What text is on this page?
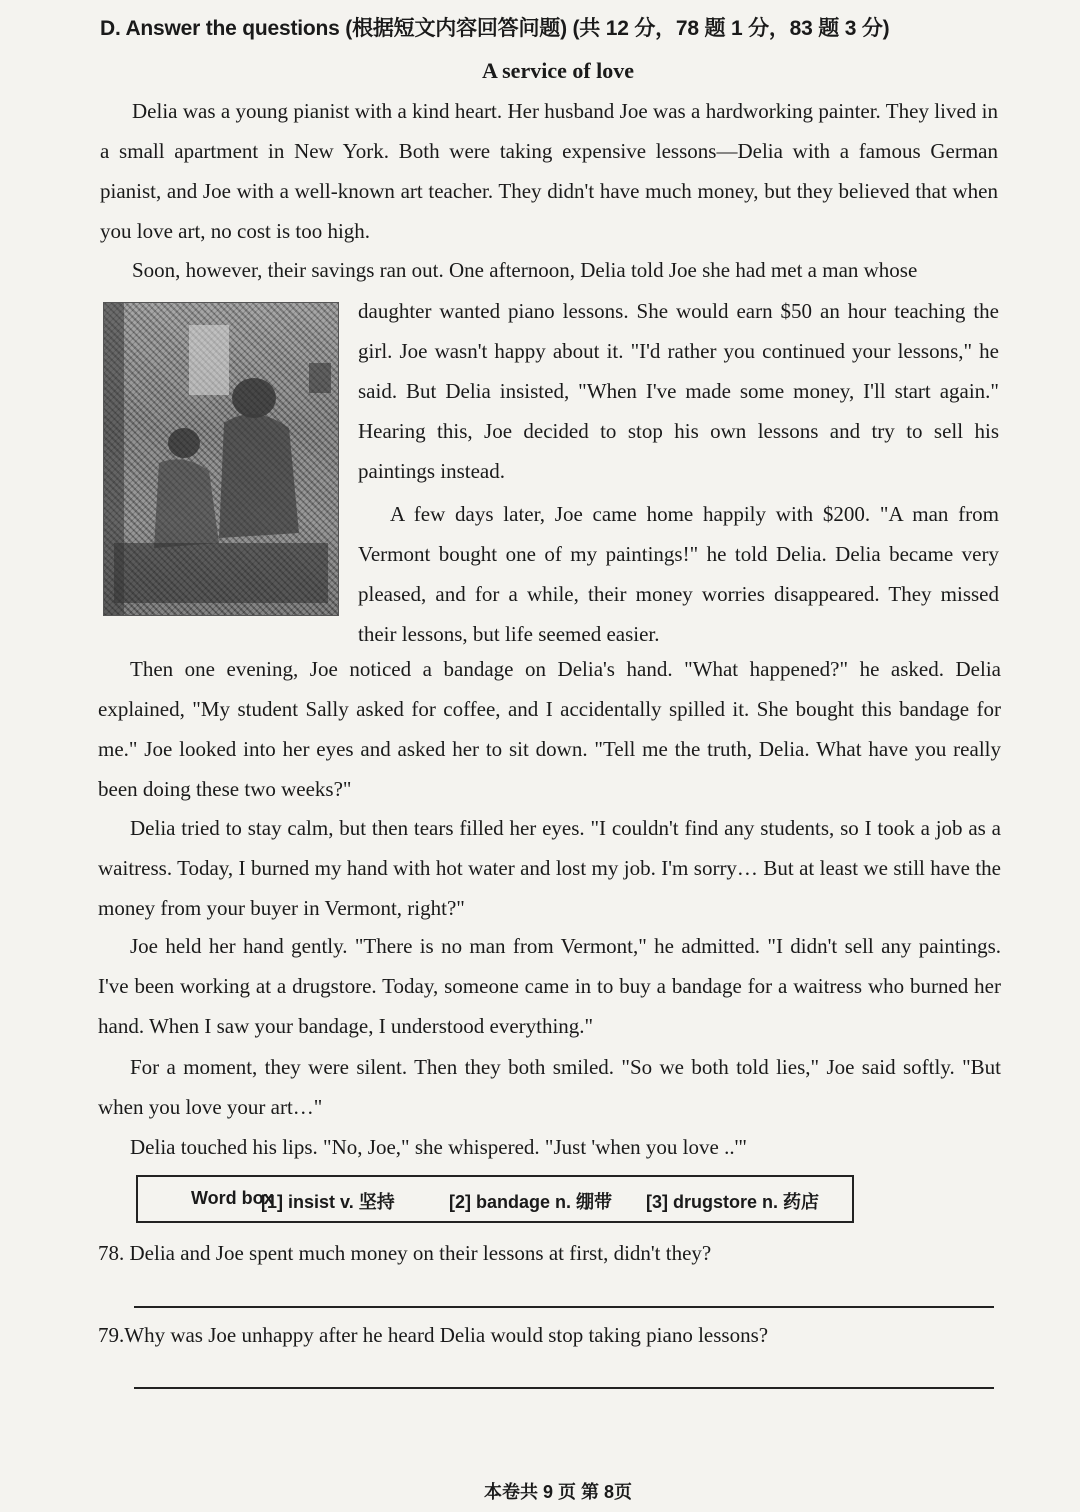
D. Answer the questions (根据短文内容回答问题) (共 12 分，78 题 1 分，83 题 3 分)
A service of love

Delia was a young pianist with a kind heart. Her husband Joe was a hardworking painter. They lived in a small apartment in New York. Both were taking expensive lessons—Delia with a famous German pianist, and Joe with a well-known art teacher. They didn't have much money, but they believed that when you love art, no cost is too high.

Soon, however, their savings ran out. One afternoon, Delia told Joe she had met a man whose

daughter wanted piano lessons. She would earn $50 an hour teaching the girl. Joe wasn't happy about it. "I'd rather you continued your lessons," he said. But Delia insisted, "When I've made some money, I'll start again." Hearing this, Joe decided to stop his own lessons and try to sell his paintings instead.

A few days later, Joe came home happily with $200. "A man from Vermont bought one of my paintings!" he told Delia. Delia became very pleased, and for a while, their money worries disappeared. They missed their lessons, but life seemed easier.

Then one evening, Joe noticed a bandage on Delia's hand. "What happened?" he asked. Delia explained, "My student Sally asked for coffee, and I accidentally spilled it. She bought this bandage for me." Joe looked into her eyes and asked her to sit down. "Tell me the truth, Delia. What have you really been doing these two weeks?"

Delia tried to stay calm, but then tears filled her eyes. "I couldn't find any students, so I took a job as a waitress. Today, I burned my hand with hot water and lost my job. I'm sorry… But at least we still have the money from your buyer in Vermont, right?"

Joe held her hand gently. "There is no man from Vermont," he admitted. "I didn't sell any paintings. I've been working at a drugstore. Today, someone came in to buy a bandage for a waitress who burned her hand. When I saw your bandage, I understood everything."

For a moment, they were silent. Then they both smiled. "So we both told lies," Joe said softly. "But when you love your art…"

Delia touched his lips. "No, Joe," she whispered. "Just 'when you love ..'"

Word box
[1] insist v. 坚持	[2] bandage n. 绷带 [3] drugstore n. 药店

78. Delia and Joe spent much money on their lessons at first, didn't they?

79.Why was Joe unhappy after he heard Delia would stop taking piano lessons?

本卷共 9 页 第 8页
